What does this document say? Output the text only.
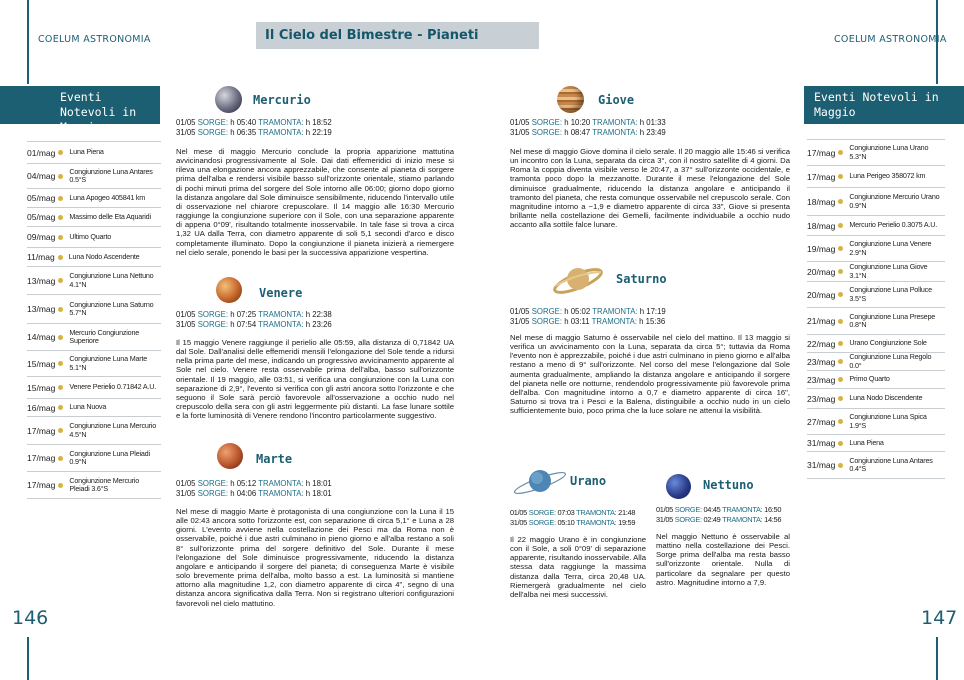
COELUM ASTRONOMIA	COELUM ASTRONOMIA
Il Cielo del Bimestre - Pianeti
Eventi Notevoli in
Maggio
01/mag Luna Piena
04/mag Congiunzione Luna Antares 0.5°S
05/mag Luna Apogeo 405841 km
05/mag Massimo delle Eta Aquaridi
09/mag Ultimo Quarto
11/mag Luna Nodo Ascendente
13/mag Congiunzione Luna Nettuno 4.1°N
13/mag Congiunzione Luna Saturno 5.7°N
14/mag Mercurio Congiunzione Superiore
15/mag Congiunzione Luna Marte 5.1°N
15/mag Venere Perielio 0.71842 A.U.
16/mag Luna Nuova
17/mag Congiunzione Luna Mercurio 4.5°N
17/mag Congiunzione Luna Pleiadi 0.9°N
17/mag Congiunzione Mercurio Pleiadi 3.6°S
Eventi Notevoli in
Maggio
17/mag Congiunzione Luna Urano 5.3°N
17/mag Luna Perigeo 358072 km
18/mag Congiunzione Mercurio Urano 0.9°N
18/mag Mercurio Perielio 0.3075 A.U.
19/mag Congiunzione Luna Venere 2.9°N
20/mag Congiunzione Luna Giove 3.1°N
20/mag Congiunzione Luna Polluce 3.5°S
21/mag Congiunzione Luna Presepe 0.8°N
22/mag Urano Congiunzione Sole
23/mag Congiunzione Luna Regolo 0.0°
23/mag Primo Quarto
23/mag Luna Nodo Discendente
27/mag Congiunzione Luna Spica 1.9°S
31/mag Luna Piena
31/mag Congiunzione Luna Antares 0.4°S
Mercurio
01/05 SORGE: h 05:40 TRAMONTA: h 18:52
31/05 SORGE: h 06:35 TRAMONTA: h 22:19
Nel mese di maggio Mercurio conclude la propria apparizione mattutina avvicinandosi progressivamente al Sole. Dai dati effemeridici di inizio mese si rileva una elongazione ancora apprezzabile, che consente al pianeta di sorgere prima dell'alba e rendersi visibile basso sull'orizzonte orientale, stiamo parlando di pochi minuti prima del sorgere del Sole intorno alle 06:00; giorno dopo giorno la distanza angolare dal Sole diminuisce sensibilmente, riducendo l'intervallo utile di osservazione nel chiarore crepuscolare. Il 14 maggio alle 16:30 Mercurio raggiunge la congiunzione superiore con il Sole, con una separazione apparente di appena 0°09', risultando totalmente inosservabile. In tale fase si trova a circa 1,32 UA dalla Terra, con diametro apparente di soli 5,1 secondi d'arco e disco completamente illuminato. Dopo la congiunzione il pianeta inizierà a riemergere nel cielo serale, ponendo le basi per la successiva apparizione vespertina.
Venere
01/05 SORGE: h 07:25 TRAMONTA: h 22:38
31/05 SORGE: h 07:54 TRAMONTA: h 23:26
Il 15 maggio Venere raggiunge il perielio alle 05:59, alla distanza di 0,71842 UA dal Sole. Dall'analisi delle effemeridi mensili l'elongazione del Sole tende a ridursi nella prima parte del mese, indicando un progressivo avvicinamento apparente al Sole nel cielo. Venere resta osservabile prima dell'alba, basso sull'orizzonte orientale. Il 19 maggio, alle 03:51, si verifica una congiunzione con la Luna con separazione di 2,9°, l'evento si verifica con gli astri ancora sotto l'orizzonte e che seguono il Sole sarà perciò favorevole all'osservazione a occhio nudo nel crepuscolo della sera con gli astri leggermente più distanti. La fase lunare sottile e la forte luminosità di Venere rendono l'incontro particolarmente suggestivo.
Marte
01/05 SORGE: h 05:12 TRAMONTA: h 18:01
31/05 SORGE: h 04:06 TRAMONTA: h 18:01
Nel mese di maggio Marte è protagonista di una congiunzione con la Luna il 15 alle 02:43 ancora sotto l'orizzonte est, con separazione di circa 5,1° e Luna a 28 giorni. L'evento avviene nella costellazione dei Pesci ma da Roma non è osservabile, poiché i due astri culminano in pieno giorno e all'alba restano a soli 8° sull'orizzonte prima del sorgere definitivo del Sole. Durante il mese l'elongazione del Sole diminuisce progressivamente, riducendo la distanza angolare e anticipando il sorgere del pianeta; di conseguenza Marte è visibile solo brevemente prima dell'alba, molto basso a est. La luminosità si mantiene attorno alla magnitudine 1,2, con diametro apparente di circa 4", segno di una distanza ancora significativa dalla Terra. Non si registrano ulteriori configurazioni favorevoli nel cielo mattutino.
Giove
01/05 SORGE: h 10:20 TRAMONTA: h 01:33
31/05 SORGE: h 08:47 TRAMONTA: h 23:49
Nel mese di maggio Giove domina il cielo serale. Il 20 maggio alle 15:46 si verifica un incontro con la Luna, separata da circa 3°, con il nostro satellite di 4 giorni. Da Roma la coppia diventa visibile verso le 20:47, a 37° sull'orizzonte occidentale, e tramonta poco dopo la mezzanotte. Durante il mese l'elongazione del Sole diminuisce gradualmente, riducendo la distanza angolare e anticipando il tramonto del pianeta, che resta comunque osservabile nel crepuscolo serale. Con magnitudine intorno a −1,9 e diametro apparente di circa 33", Giove si presenta brillante nella costellazione dei Gemelli, facilmente individuabile a occhio nudo accanto alla sottile falce lunare.
Saturno
01/05 SORGE: h 05:02 TRAMONTA: h 17:19
31/05 SORGE: h 03:11 TRAMONTA: h 15:36
Nel mese di maggio Saturno è osservabile nel cielo del mattino. Il 13 maggio si verifica un avvicinamento con la Luna, separata da circa 5°; tuttavia da Roma l'evento non è apprezzabile, poiché i due astri culminano in pieno giorno e all'alba restano a meno di 9° sull'orizzonte. Nel corso del mese l'elongazione dal Sole aumenta gradualmente, ampliando la distanza angolare e anticipando il sorgere del pianeta nelle ore notturne, rendendolo progressivamente più favorevole prima dell'alba. Con magnitudine intorno a 0,7 e diametro apparente di circa 16", Saturno si trova tra i Pesci e la Balena, distinguibile a occhio nudo in un cielo sufficientemente buio, poco prima che la luce solare ne attenui la visibilità.
Urano
01/05 SORGE: 07:03 TRAMONTA: 21:48
31/05 SORGE: 05:10 TRAMONTA: 19:59
Il 22 maggio Urano è in congiunzione con il Sole, a soli 0°09' di separazione apparente, risultando inosservabile. Alla stessa data raggiunge la massima distanza dalla Terra, circa 20,48 UA. Riemergerà gradualmente nel cielo dell'alba nei mesi successivi.
Nettuno
01/05 SORGE: 04:45 TRAMONTA: 16:50
31/05 SORGE: 02:49 TRAMONTA: 14:56
Nel maggio Nettuno è osservabile al mattino nella costellazione dei Pesci. Sorge prima dell'alba ma resta basso sull'orizzonte orientale. Nulla di particolare da segnalare per questo astro. Magnitudine intorno a 7,9.
146	147
